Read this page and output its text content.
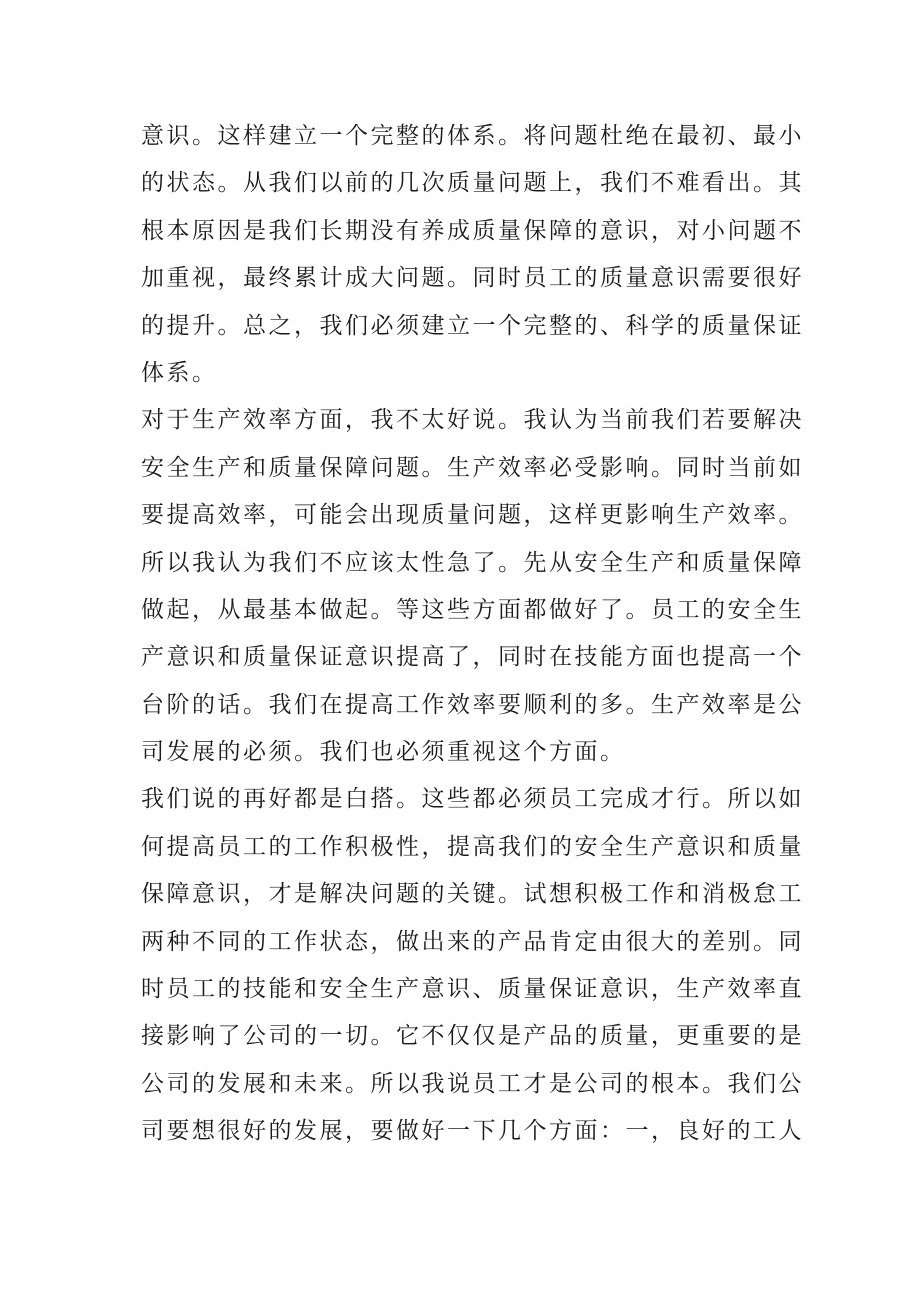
意识。这样建立一个完整的体系。将问题杜绝在最初、最小
的状态。从我们以前的几次质量问题上，我们不难看出。其
根本原因是我们长期没有养成质量保障的意识，对小问题不
加重视，最终累计成大问题。同时员工的质量意识需要很好
的提升。总之，我们必须建立一个完整的、科学的质量保证
体系。
对于生产效率方面，我不太好说。我认为当前我们若要解决
安全生产和质量保障问题。生产效率必受影响。同时当前如
要提高效率，可能会出现质量问题，这样更影响生产效率。
所以我认为我们不应该太性急了。先从安全生产和质量保障
做起，从最基本做起。等这些方面都做好了。员工的安全生
产意识和质量保证意识提高了，同时在技能方面也提高一个
台阶的话。我们在提高工作效率要顺利的多。生产效率是公
司发展的必须。我们也必须重视这个方面。
我们说的再好都是白搭。这些都必须员工完成才行。所以如
何提高员工的工作积极性，提高我们的安全生产意识和质量
保障意识，才是解决问题的关键。试想积极工作和消极怠工
两种不同的工作状态，做出来的产品肯定由很大的差别。同
时员工的技能和安全生产意识、质量保证意识，生产效率直
接影响了公司的一切。它不仅仅是产品的质量，更重要的是
公司的发展和未来。所以我说员工才是公司的根本。我们公
司要想很好的发展，要做好一下几个方面：一，良好的工人
